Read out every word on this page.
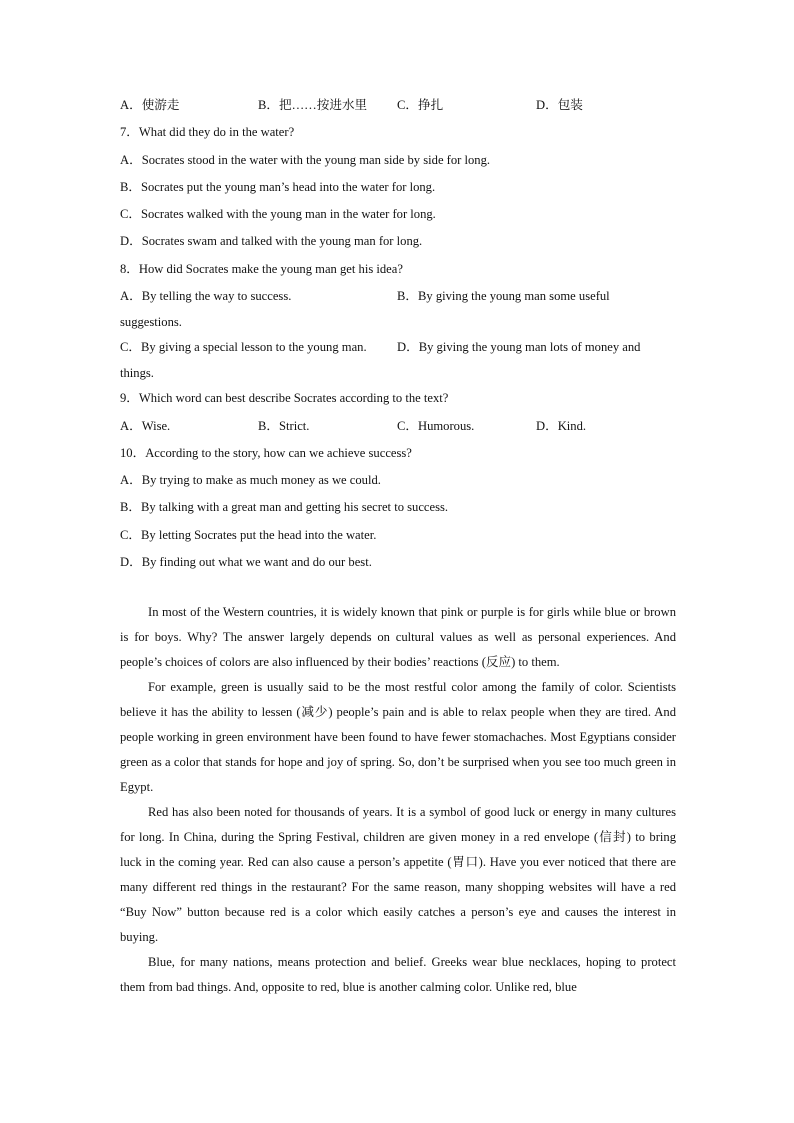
A．使游走	B．把……按进水里 C．挣扎	D．包装
7．What did they do in the water?
A．Socrates stood in the water with the young man side by side for long.
B．Socrates put the young man’s head into the water for long.
C．Socrates walked with the young man in the water for long.
D．Socrates swam and talked with the young man for long.
8．How did Socrates make the young man get his idea?
A．By telling the way to success.	B．By giving the young man some useful
suggestions.
C．By giving a special lesson to the young man. D．By giving the young man lots of money and
things.
9．Which word can best describe Socrates according to the text?
A．Wise.	B．Strict.	C．Humorous.	D．Kind.
10．According to the story, how can we achieve success?
A．By trying to make as much money as we could.
B．By talking with a great man and getting his secret to success.
C．By letting Socrates put the head into the water.
D．By finding out what we want and do our best.

In most of the Western countries, it is widely known that pink or purple is for girls while blue or brown is for boys. Why? The answer largely depends on cultural values as well as personal experiences. And people’s choices of colors are also influenced by their bodies’ reactions (反应) to them.

For example, green is usually said to be the most restful color among the family of color. Scientists believe it has the ability to lessen (减少) people’s pain and is able to relax people when they are tired. And people working in green environment have been found to have fewer stomachaches. Most Egyptians consider green as a color that stands for hope and joy of spring. So, don’t be surprised when you see too much green in Egypt.

Red has also been noted for thousands of years. It is a symbol of good luck or energy in many cultures for long. In China, during the Spring Festival, children are given money in a red envelope (信封) to bring luck in the coming year. Red can also cause a person’s appetite (胃口). Have you ever noticed that there are many different red things in the restaurant? For the same reason, many shopping websites will have a red “Buy Now” button because red is a color which easily catches a person’s eye and causes the interest in buying.

Blue, for many nations, means protection and belief. Greeks wear blue necklaces, hoping to protect them from bad things. And, opposite to red, blue is another calming color. Unlike red, blue
